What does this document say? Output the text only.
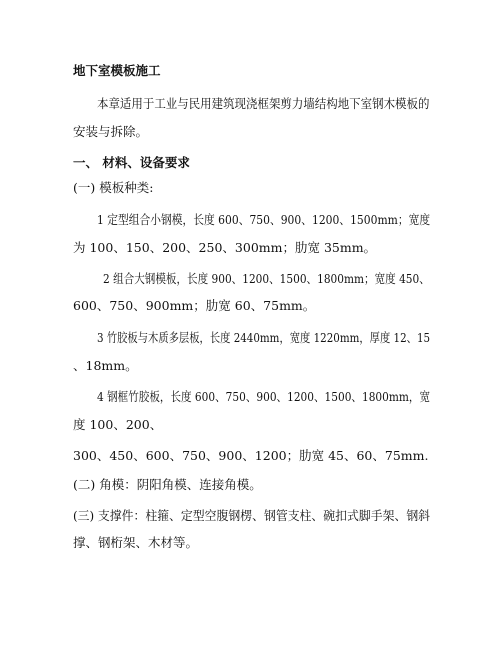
地下室模板施工
本章适用于工业与民用建筑现浇框架剪力墙结构地下室钢木模板的
安装与拆除。
一、 材料、设备要求
(一) 模板种类:
1 定型组合小钢模，长度 600、750、900、1200、1500mm；宽度
为 100、150、200、250、300mm；肋宽 35mm。
2 组合大钢模板，长度 900、1200、1500、1800mm；宽度 450、
600、750、900mm；肋宽 60、75mm。
3 竹胶板与木质多层板，长度 2440mm，宽度 1220mm，厚度 12、15
、18mm。
4 钢框竹胶板，长度 600、750、900、1200、1500、1800mm，宽
度 100、200、
300、450、600、750、900、1200；肋宽 45、60、75mm.
(二) 角模：阴阳角模、连接角模。
(三) 支撑件：柱箍、定型空腹钢楞、钢管支柱、碗扣式脚手架、钢斜
撑、钢桁架、木材等。
